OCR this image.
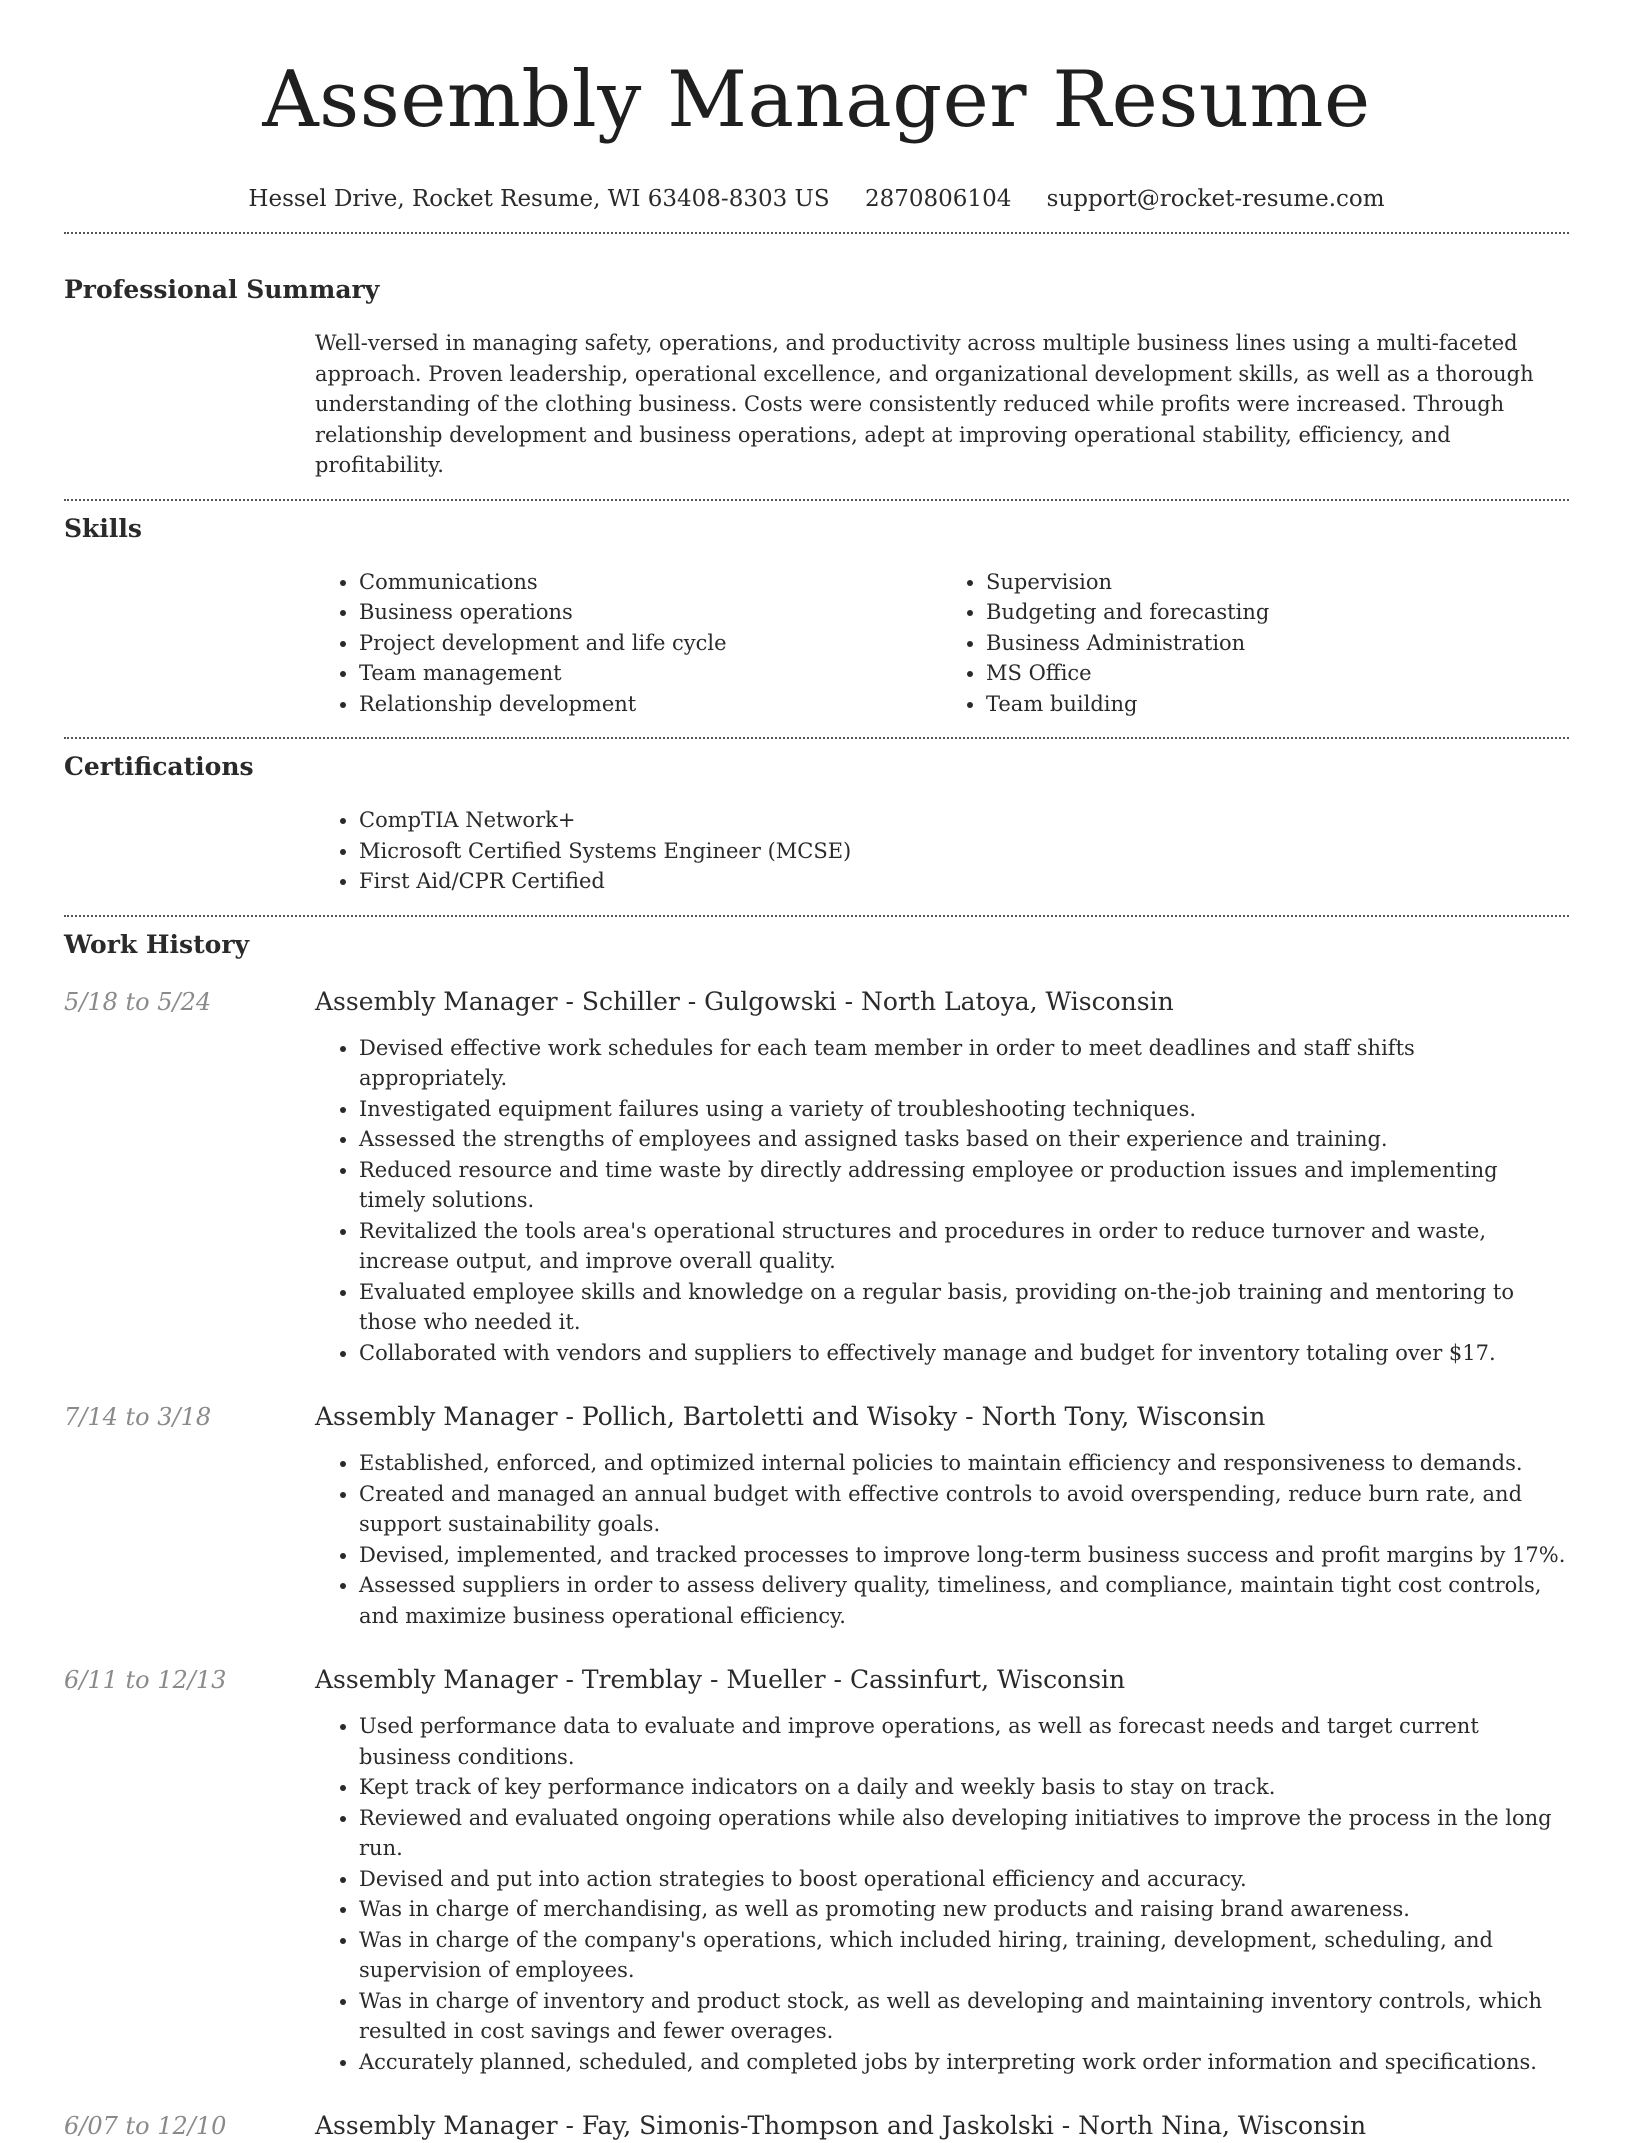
Assembly Manager Resume
Hessel Drive, Rocket Resume, WI 63408-8303 US 2870806104 support@rocket-resume.com
Professional Summary
Well-versed in managing safety, operations, and productivity across multiple business lines using a multi-faceted approach. Proven leadership, operational excellence, and organizational development skills, as well as a thorough understanding of the clothing business. Costs were consistently reduced while profits were increased. Through relationship development and business operations, adept at improving operational stability, efficiency, and profitability.
Skills
• Communications
• Business operations
• Project development and life cycle
• Team management
• Relationship development
• Supervision
• Budgeting and forecasting
• Business Administration
• MS Office
• Team building
Certifications
• CompTIA Network+
• Microsoft Certified Systems Engineer (MCSE)
• First Aid/CPR Certified
Work History
5/18 to 5/24	Assembly Manager - Schiller - Gulgowski - North Latoya, Wisconsin
• Devised effective work schedules for each team member in order to meet deadlines and staff shifts appropriately.
• Investigated equipment failures using a variety of troubleshooting techniques.
• Assessed the strengths of employees and assigned tasks based on their experience and training.
• Reduced resource and time waste by directly addressing employee or production issues and implementing timely solutions.
• Revitalized the tools area's operational structures and procedures in order to reduce turnover and waste, increase output, and improve overall quality.
• Evaluated employee skills and knowledge on a regular basis, providing on-the-job training and mentoring to those who needed it.
• Collaborated with vendors and suppliers to effectively manage and budget for inventory totaling over $17.
7/14 to 3/18	Assembly Manager - Pollich, Bartoletti and Wisoky - North Tony, Wisconsin
• Established, enforced, and optimized internal policies to maintain efficiency and responsiveness to demands.
• Created and managed an annual budget with effective controls to avoid overspending, reduce burn rate, and support sustainability goals.
• Devised, implemented, and tracked processes to improve long-term business success and profit margins by 17%.
• Assessed suppliers in order to assess delivery quality, timeliness, and compliance, maintain tight cost controls, and maximize business operational efficiency.
6/11 to 12/13	Assembly Manager - Tremblay - Mueller - Cassinfurt, Wisconsin
• Used performance data to evaluate and improve operations, as well as forecast needs and target current business conditions.
• Kept track of key performance indicators on a daily and weekly basis to stay on track.
• Reviewed and evaluated ongoing operations while also developing initiatives to improve the process in the long run.
• Devised and put into action strategies to boost operational efficiency and accuracy.
• Was in charge of merchandising, as well as promoting new products and raising brand awareness.
• Was in charge of the company's operations, which included hiring, training, development, scheduling, and supervision of employees.
• Was in charge of inventory and product stock, as well as developing and maintaining inventory controls, which resulted in cost savings and fewer overages.
• Accurately planned, scheduled, and completed jobs by interpreting work order information and specifications.
6/07 to 12/10	Assembly Manager - Fay, Simonis-Thompson and Jaskolski - North Nina, Wisconsin
